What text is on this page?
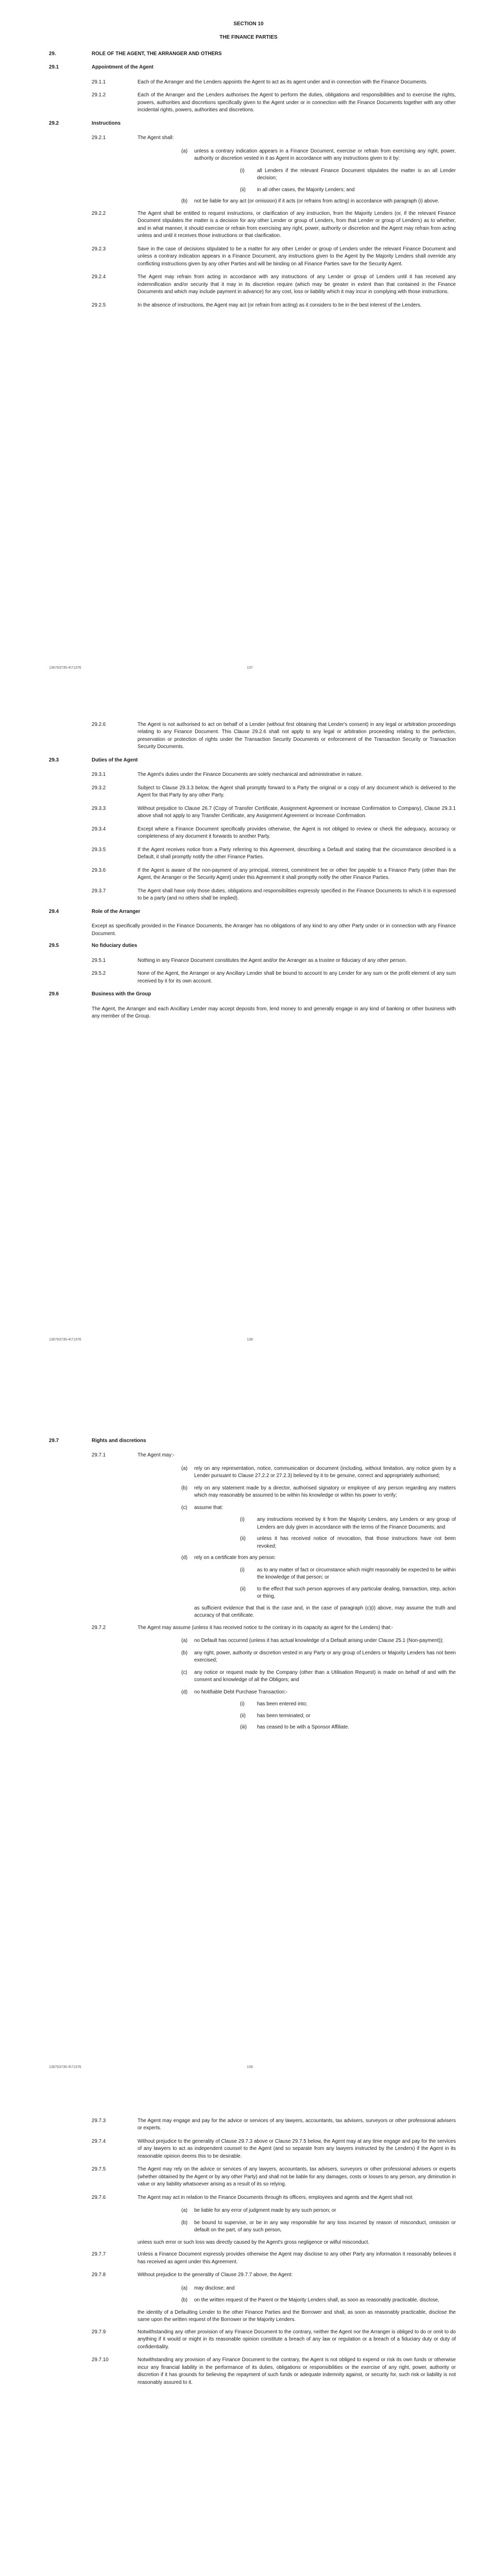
SECTION 10
THE FINANCE PARTIES
29.	ROLE OF THE AGENT, THE ARRANGER AND OTHERS
29.1	Appointment of the Agent
29.1.1	Each of the Arranger and the Lenders appoints the Agent to act as its agent under and in connection with the Finance Documents.
29.1.2	Each of the Arranger and the Lenders authorises the Agent to perform the duties, obligations and responsibilities and to exercise the rights, powers, authorities and discretions specifically given to the Agent under or in connection with the Finance Documents together with any other incidental rights, powers, authorities and discretions.
29.2	Instructions
29.2.1	The Agent shall:
(a) unless a contrary indication appears in a Finance Document, exercise or refrain from exercising any right, power, authority or discretion vested in it as Agent in accordance with any instructions given to it by:
(i) all Lenders if the relevant Finance Document stipulates the matter is an all Lender decision;
(ii) in all other cases, the Majority Lenders; and
(b) not be liable for any act (or omission) if it acts (or refrains from acting) in accordance with paragraph (i) above.
29.2.2	The Agent shall be entitled to request instructions, or clarification of any instruction, from the Majority Lenders (or, if the relevant Finance Document stipulates the matter is a decision for any other Lender or group of Lenders, from that Lender or group of Lenders) as to whether, and in what manner, it should exercise or refrain from exercising any right, power, authority or discretion and the Agent may refrain from acting unless and until it receives those instructions or that clarification.
29.2.3	Save in the case of decisions stipulated to be a matter for any other Lender or group of Lenders under the relevant Finance Document and unless a contrary indication appears in a Finance Document, any instructions given to the Agent by the Majority Lenders shall override any conflicting instructions given by any other Parties and will be binding on all Finance Parties save for the Security Agent.
29.2.4	The Agent may refrain from acting in accordance with any instructions of any Lender or group of Lenders until it has received any indemnification and/or security that it may in its discretion require (which may be greater in extent than that contained in the Finance Documents and which may include payment in advance) for any cost, loss or liability which it may incur in complying with those instructions.
29.2.5	In the absence of instructions, the Agent may act (or refrain from acting) as it considers to be in the best interest of the Lenders.
136763735-4\71376	137
29.2.6	The Agent is not authorised to act on behalf of a Lender (without first obtaining that Lender's consent) in any legal or arbitration proceedings relating to any Finance Document. This Clause 29.2.6 shall not apply to any legal or arbitration proceeding relating to the perfection, preservation or protection of rights under the Transaction Security Documents or enforcement of the Transaction Security or Transaction Security Documents.
29.3	Duties of the Agent
29.3.1	The Agent's duties under the Finance Documents are solely mechanical and administrative in nature.
29.3.2	Subject to Clause 29.3.3 below, the Agent shall promptly forward to a Party the original or a copy of any document which is delivered to the Agent for that Party by any other Party.
29.3.3	Without prejudice to Clause 26.7 (Copy of Transfer Certificate, Assignment Agreement or Increase Confirmation to Company), Clause 29.3.1 above shall not apply to any Transfer Certificate, any Assignment Agreement or Increase Confirmation.
29.3.4	Except where a Finance Document specifically provides otherwise, the Agent is not obliged to review or check the adequacy, accuracy or completeness of any document it forwards to another Party.
29.3.5	If the Agent receives notice from a Party referring to this Agreement, describing a Default and stating that the circumstance described is a Default, it shall promptly notify the other Finance Parties.
29.3.6	If the Agent is aware of the non-payment of any principal, interest, commitment fee or other fee payable to a Finance Party (other than the Agent, the Arranger or the Security Agent) under this Agreement it shall promptly notify the other Finance Parties.
29.3.7	The Agent shall have only those duties, obligations and responsibilities expressly specified in the Finance Documents to which it is expressed to be a party (and no others shall be implied).
29.4	Role of the Arranger
Except as specifically provided in the Finance Documents, the Arranger has no obligations of any kind to any other Party under or in connection with any Finance Document.
29.5	No fiduciary duties
29.5.1	Nothing in any Finance Document constitutes the Agent and/or the Arranger as a trustee or fiduciary of any other person.
29.5.2	None of the Agent, the Arranger or any Ancillary Lender shall be bound to account to any Lender for any sum or the profit element of any sum received by it for its own account.
29.6	Business with the Group
The Agent, the Arranger and each Ancillary Lender may accept deposits from, lend money to and generally engage in any kind of banking or other business with any member of the Group.
136763735-4\71376	138
29.7	Rights and discretions
29.7.1	The Agent may:-
(a) rely on any representation, notice, communication or document (including, without limitation, any notice given by a Lender pursuant to Clause 27.2.2 or 27.2.3) believed by it to be genuine, correct and appropriately authorised;
(b) rely on any statement made by a director, authorised signatory or employee of any person regarding any matters which may reasonably be assumed to be within his knowledge or within his power to verify;
(c) assume that:
(i) any instructions received by it from the Majority Lenders, any Lenders or any group of Lenders are duly given in accordance with the terms of the Finance Documents; and
(ii) unless it has received notice of revocation, that those instructions have not been revoked;
(d) rely on a certificate from any person:
(i) as to any matter of fact or circumstance which might reasonably be expected to be within the knowledge of that person; or
(ii) to the effect that such person approves of any particular dealing, transaction, step, action or thing,
as sufficient evidence that that is the case and, in the case of paragraph (c)(i) above, may assume the truth and accuracy of that certificate.
29.7.2	The Agent may assume (unless it has received notice to the contrary in its capacity as agent for the Lenders) that:-
(a) no Default has occurred (unless it has actual knowledge of a Default arising under Clause 25.1 (Non-payment));
(b) any right, power, authority or discretion vested in any Party or any group of Lenders or Majority Lenders has not been exercised;
(c) any notice or request made by the Company (other than a Utilisation Request) is made on behalf of and with the consent and knowledge of all the Obligors; and
(d) no Notifiable Debt Purchase Transaction:-
(i) has been entered into;
(ii) has been terminated; or
(iii) has ceased to be with a Sponsor Affiliate.
136763735-4\71376	139
29.7.3	The Agent may engage and pay for the advice or services of any lawyers, accountants, tax advisers, surveyors or other professional advisers or experts.
29.7.4	Without prejudice to the generality of Clause 29.7.3 above or Clause 29.7.5 below, the Agent may at any time engage and pay for the services of any lawyers to act as independent counsel to the Agent (and so separate from any lawyers instructed by the Lenders) if the Agent in its reasonable opinion deems this to be desirable.
29.7.5	The Agent may rely on the advice or services of any lawyers, accountants, tax advisers, surveyors or other professional advisers or experts (whether obtained by the Agent or by any other Party) and shall not be liable for any damages, costs or losses to any person, any diminution in value or any liability whatsoever arising as a result of its so relying.
29.7.6	The Agent may act in relation to the Finance Documents through its officers, employees and agents and the Agent shall not:
(a) be liable for any error of judgment made by any such person; or
(b) be bound to supervise, or be in any way responsible for any loss incurred by reason of misconduct, omission or default on the part, of any such person,
unless such error or such loss was directly caused by the Agent's gross negligence or wilful misconduct.
29.7.7	Unless a Finance Document expressly provides otherwise the Agent may disclose to any other Party any information it reasonably believes it has received as agent under this Agreement.
29.7.8	Without prejudice to the generality of Clause 29.7.7 above, the Agent:
(a) may disclose; and
(b) on the written request of the Parent or the Majority Lenders shall, as soon as reasonably practicable, disclose,
the identity of a Defaulting Lender to the other Finance Parties and the Borrower and shall, as soon as reasonably practicable, disclose the same upon the written request of the Borrower or the Majority Lenders.
29.7.9	Notwithstanding any other provision of any Finance Document to the contrary, neither the Agent nor the Arranger is obliged to do or omit to do anything if it would or might in its reasonable opinion constitute a breach of any law or regulation or a breach of a fiduciary duty or duty of confidentiality.
29.7.10	Notwithstanding any provision of any Finance Document to the contrary, the Agent is not obliged to expend or risk its own funds or otherwise incur any financial liability in the performance of its duties, obligations or responsibilities or the exercise of any right, power, authority or discretion if it has grounds for believing the repayment of such funds or adequate indemnity against, or security for, such risk or liability is not reasonably assured to it.
